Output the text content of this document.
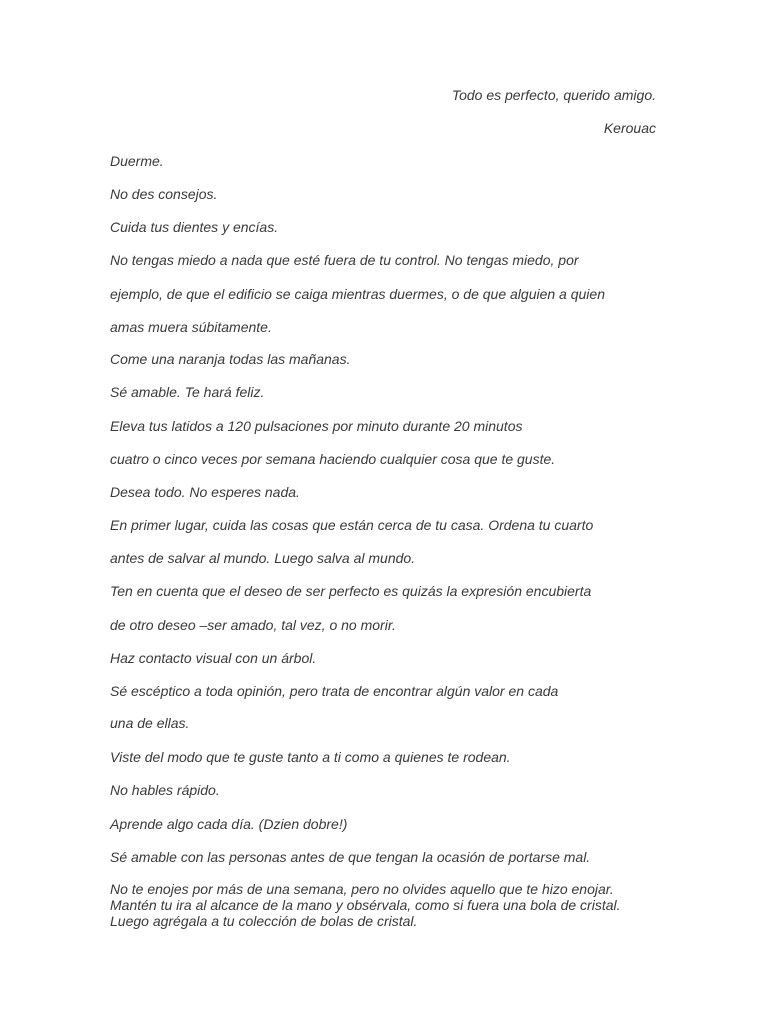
Todo es perfecto, querido amigo.
Kerouac
Duerme.
No des consejos.
Cuida tus dientes y encías.
No tengas miedo a nada que esté fuera de tu control. No tengas miedo, por
ejemplo, de que el edificio se caiga mientras duermes, o de que alguien a quien
amas muera súbitamente.
Come una naranja todas las mañanas.
Sé amable. Te hará feliz.
Eleva tus latidos a 120 pulsaciones por minuto durante 20 minutos
cuatro o cinco veces por semana haciendo cualquier cosa que te guste.
Desea todo. No esperes nada.
En primer lugar, cuida las cosas que están cerca de tu casa. Ordena tu cuarto
antes de salvar al mundo. Luego salva al mundo.
Ten en cuenta que el deseo de ser perfecto es quizás la expresión encubierta
de otro deseo –ser amado, tal vez, o no morir.
Haz contacto visual con un árbol.
Sé escéptico a toda opinión, pero trata de encontrar algún valor en cada
una de ellas.
Viste del modo que te guste tanto a ti como a quienes te rodean.
No hables rápido.
Aprende algo cada día. (Dzien dobre!)
Sé amable con las personas antes de que tengan la ocasión de portarse mal.
No te enojes por más de una semana, pero no olvides aquello que te hizo enojar.
Mantén tu ira al alcance de la mano y obsérvala, como si fuera una bola de cristal.
Luego agrégala a tu colección de bolas de cristal.
